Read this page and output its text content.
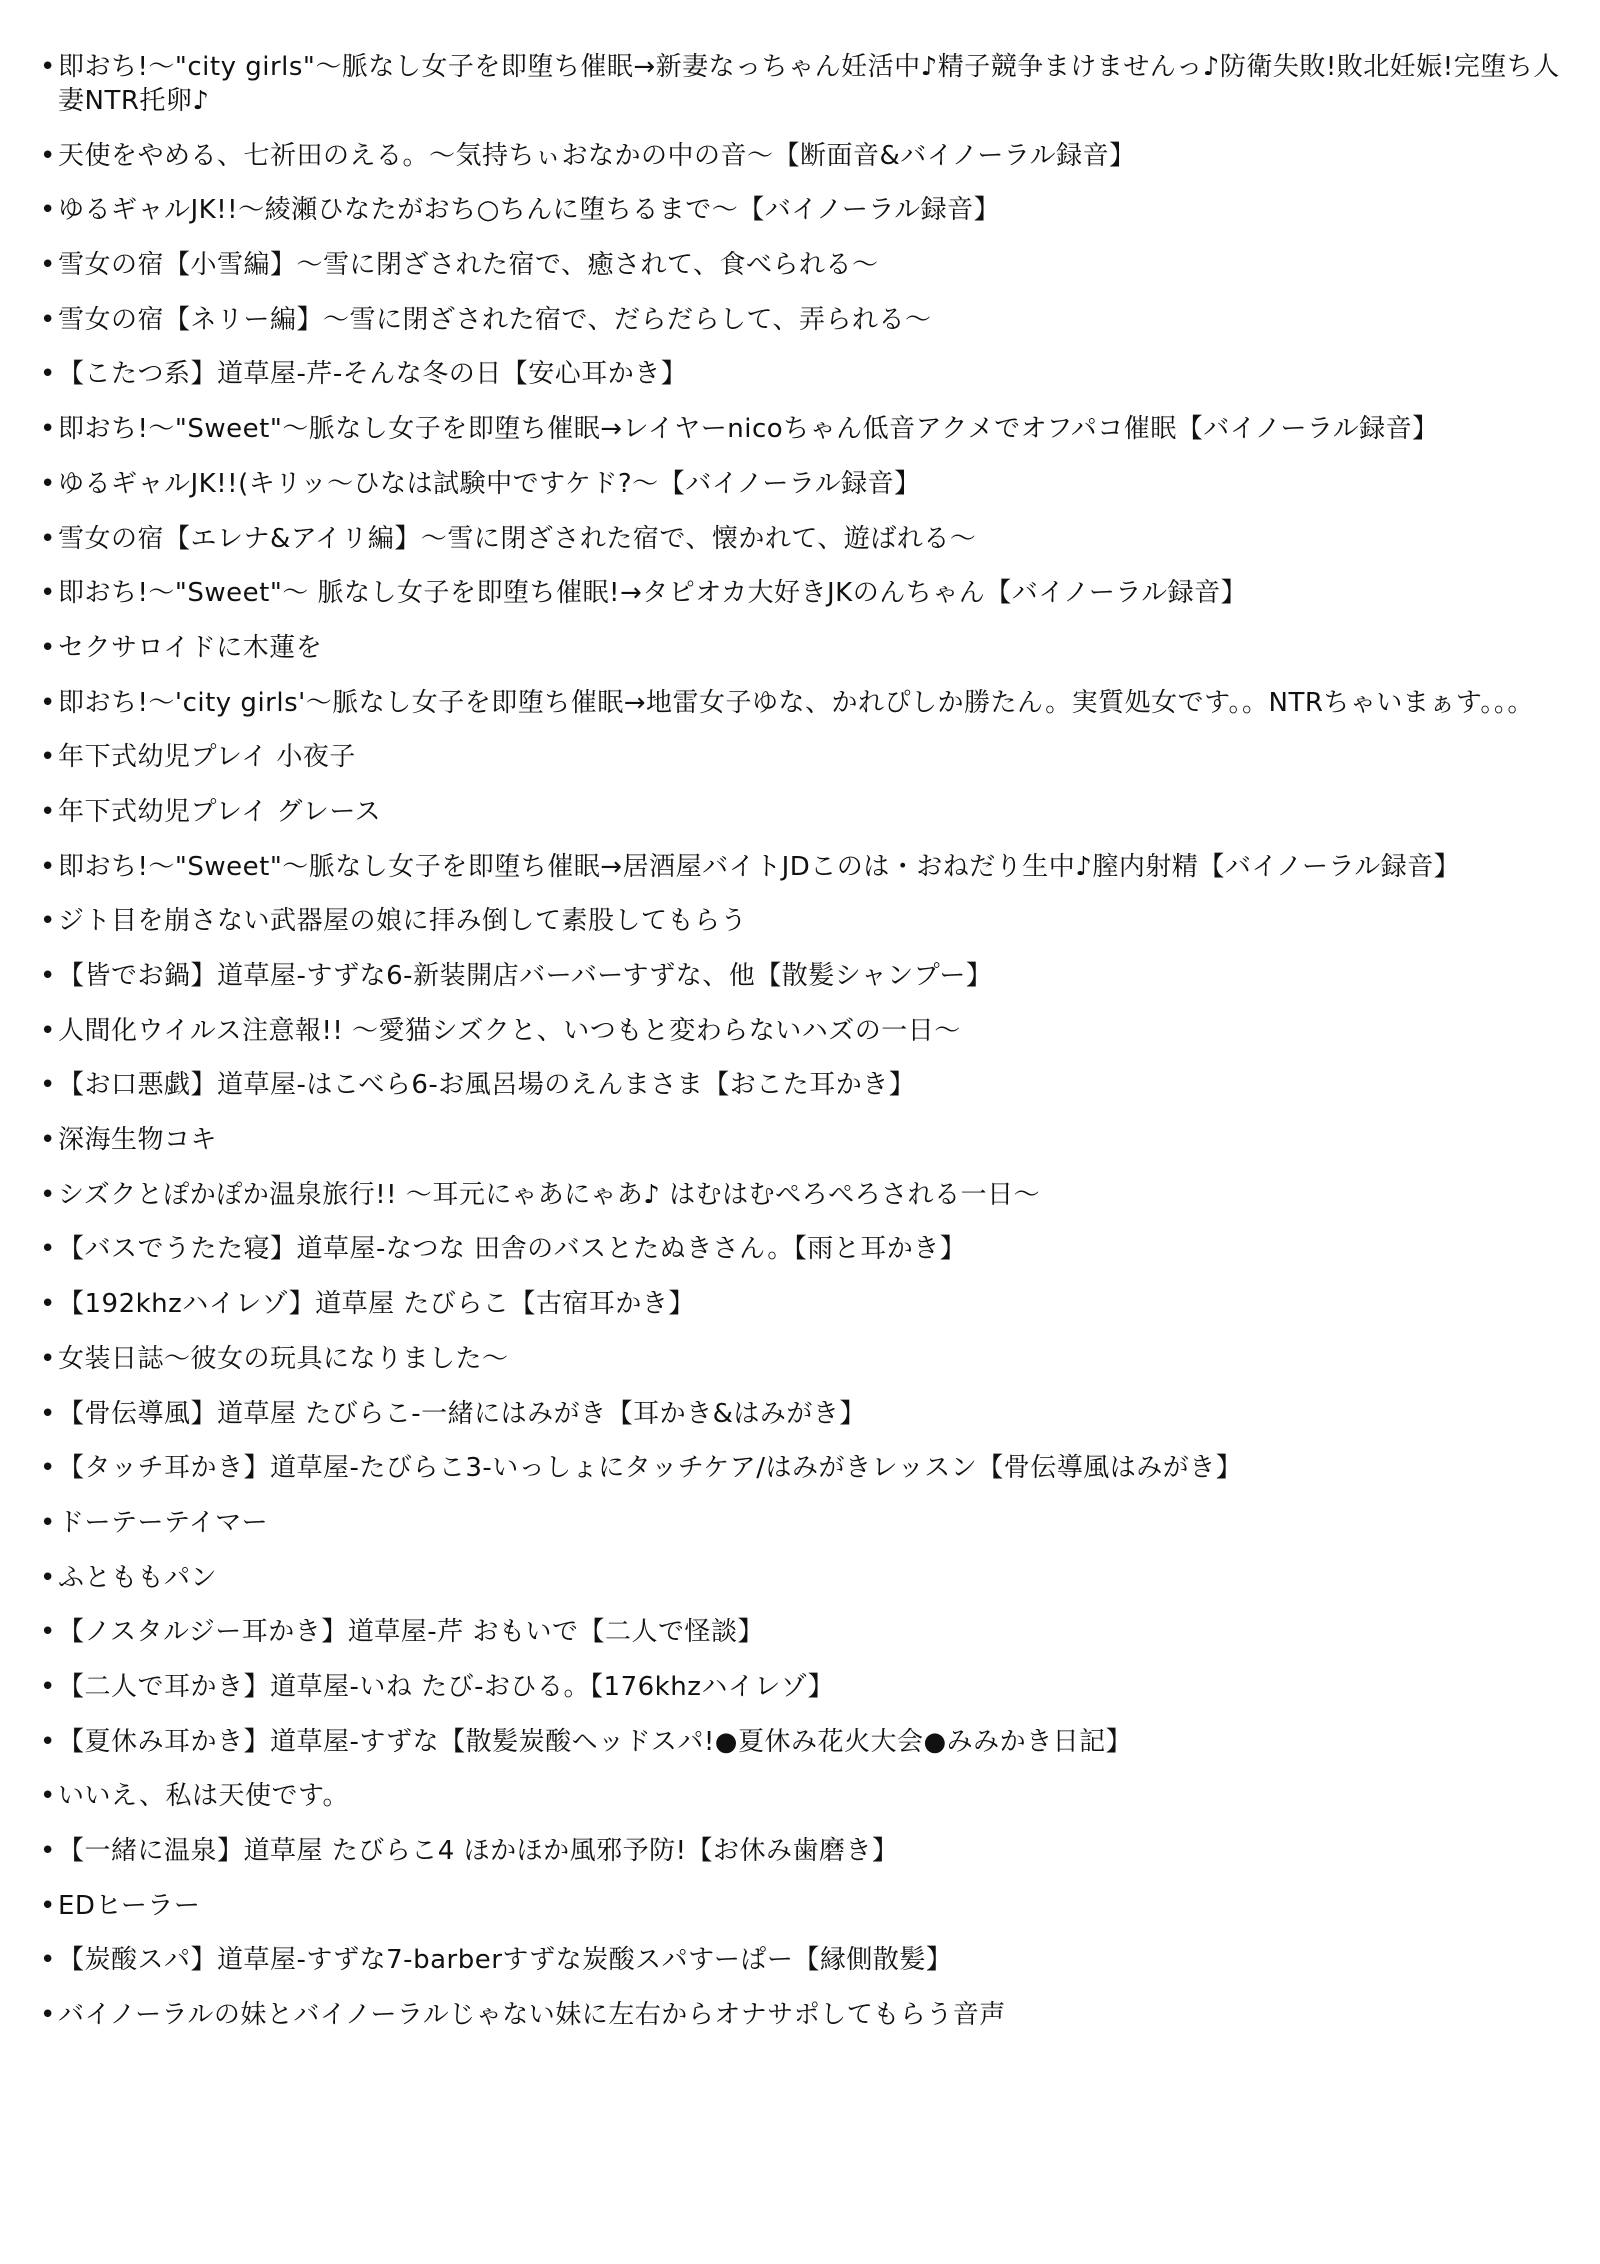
• 即おち!〜"city girls"〜脈なし女子を即堕ち催眠→新妻なっちゃん妊活中♪精子競争まけませんっ♪防衛失敗!敗北妊娠!完堕ち人妻NTR托卵♪
• 天使をやめる、七祈田のえる。〜気持ちぃおなかの中の音〜【断面音&バイノーラル録音】
• ゆるギャルJK!!〜綾瀬ひなたがおち○ちんに堕ちるまで〜【バイノーラル録音】
• 雪女の宿【小雪編】〜雪に閉ざされた宿で、癒されて、食べられる〜
• 雪女の宿【ネリー編】〜雪に閉ざされた宿で、だらだらして、弄られる〜
• 【こたつ系】道草屋-芹-そんな冬の日【安心耳かき】
• 即おち!〜"Sweet"〜脈なし女子を即堕ち催眠→レイヤーnicoちゃん低音アクメでオフパコ催眠【バイノーラル録音】
• ゆるギャルJK!!(キリッ〜ひなは試験中ですケド?〜【バイノーラル録音】
• 雪女の宿【エレナ&アイリ編】〜雪に閉ざされた宿で、懐かれて、遊ばれる〜
• 即おち!〜"Sweet"〜 脈なし女子を即堕ち催眠!→タピオカ大好きJKのんちゃん【バイノーラル録音】
• セクサロイドに木蓮を
• 即おち!〜'city girls'〜脈なし女子を即堕ち催眠→地雷女子ゆな、かれぴしか勝たん。実質処女です。。NTRちゃいまぁす。。。
• 年下式幼児プレイ 小夜子
• 年下式幼児プレイ グレース
• 即おち!〜"Sweet"〜脈なし女子を即堕ち催眠→居酒屋バイトJDこのは・おねだり生中♪膣内射精【バイノーラル録音】
• ジト目を崩さない武器屋の娘に拝み倒して素股してもらう
• 【皆でお鍋】道草屋-すずな6-新装開店バーバーすずな、他【散髪シャンプー】
• 人間化ウイルス注意報!! 〜愛猫シズクと、いつもと変わらないハズの一日〜
• 【お口悪戯】道草屋-はこべら6-お風呂場のえんまさま【おこた耳かき】
• 深海生物コキ
• シズクとぽかぽか温泉旅行!! 〜耳元にゃあにゃあ♪ はむはむぺろぺろされる一日〜
• 【バスでうたた寝】道草屋-なつな 田舎のバスとたぬきさん。【雨と耳かき】
• 【192khzハイレゾ】道草屋 たびらこ【古宿耳かき】
• 女装日誌〜彼女の玩具になりました〜
• 【骨伝導風】道草屋 たびらこ-一緒にはみがき【耳かき&はみがき】
• 【タッチ耳かき】道草屋-たびらこ3-いっしょにタッチケア/はみがきレッスン【骨伝導風はみがき】
• ドーテーテイマー
• ふとももパン
• 【ノスタルジー耳かき】道草屋-芹 おもいで【二人で怪談】
• 【二人で耳かき】道草屋-いね たび-おひる。【176khzハイレゾ】
• 【夏休み耳かき】道草屋-すずな【散髪炭酸ヘッドスパ!●夏休み花火大会●みみかき日記】
• いいえ、私は天使です。
• 【一緒に温泉】道草屋 たびらこ4 ほかほか風邪予防!【お休み歯磨き】
• EDヒーラー
• 【炭酸スパ】道草屋-すずな7-barberすずな炭酸スパすーぱー【縁側散髪】
• バイノーラルの妹とバイノーラルじゃない妹に左右からオナサポしてもらう音声
